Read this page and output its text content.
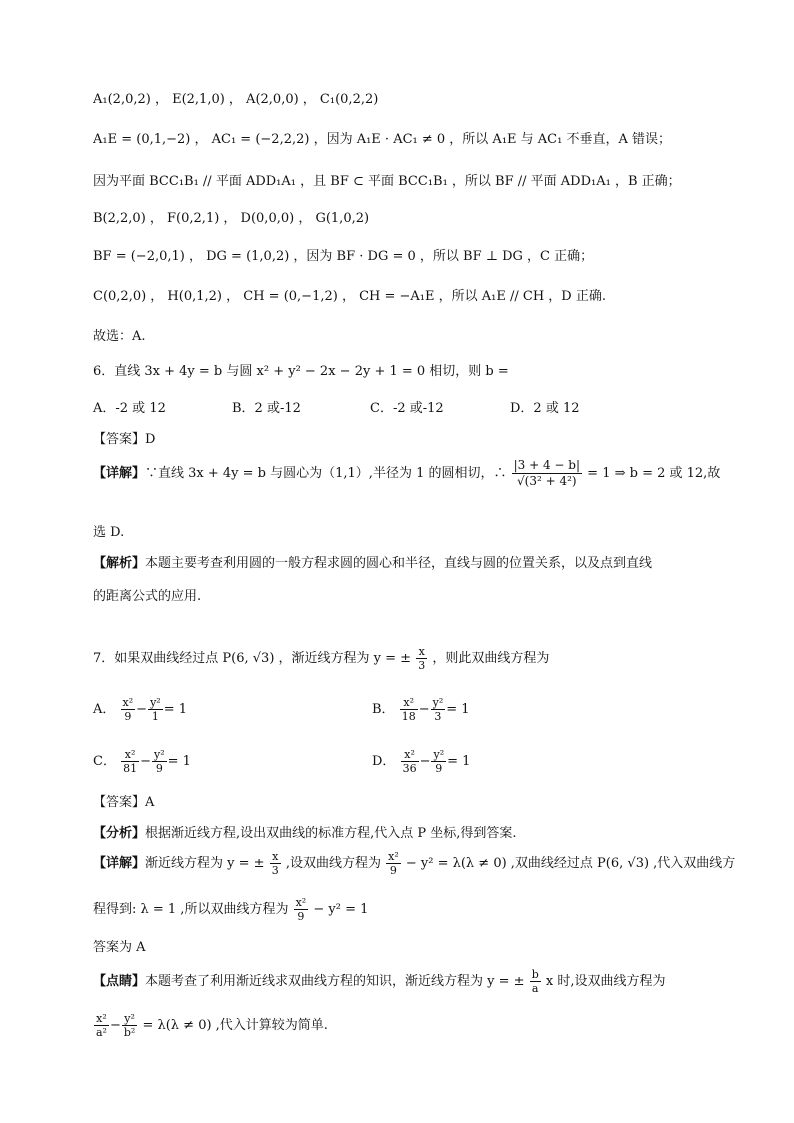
A₁(2,0,2) ， E(2,1,0) ， A(2,0,0) ， C₁(0,2,2)
A₁E = (0,1,−2) ， AC₁ = (−2,2,2) ，因为 A₁E · AC₁ ≠ 0 ，所以 A₁E 与 AC₁ 不垂直，A 错误；
因为平面 BCC₁B₁ // 平面 ADD₁A₁ ，且 BF ⊂ 平面 BCC₁B₁ ，所以 BF // 平面 ADD₁A₁ ，B 正确；
B(2,2,0) ， F(0,2,1) ， D(0,0,0) ， G(1,0,2)
BF = (−2,0,1) ， DG = (1,0,2) ，因为 BF · DG = 0 ，所以 BF ⊥ DG ，C 正确；
C(0,2,0) ， H(0,1,2) ， CH = (0,−1,2) ， CH = −A₁E ，所以 A₁E // CH ，D 正确.
故选：A.
6．直线 3x + 4y = b 与圆 x² + y² − 2x − 2y + 1 = 0 相切，则 b =
A．-2 或 12	B．2 或-12	C．-2 或-12	D．2 或 12
【答案】D
【详解】∵直线 3x + 4y = b 与圆心为（1,1）,半径为 1 的圆相切，∴ $\frac{|3 + 4 - b|}{\text{√(3² + 4²)}} = 1$ ⇒ b = 2 或 12,故
选 D.
【解析】本题主要考查利用圆的一般方程求圆的圆心和半径，直线与圆的位置关系，以及点到直线
的距离公式的应用.
7．如果双曲线经过点 P(6, √3) ，渐近线方程为 y = ± $\frac{x}{3}$ ，则此双曲线方程为
A． $\frac{\text{x²}}{9} - \frac{\text{y²}}{1} = 1$	B． $\frac{\text{x²}}{18} - \frac{\text{y²}}{3} = 1$
C． $\frac{\text{x²}}{81} - \frac{\text{y²}}{9} = 1$	D． $\frac{\text{x²}}{36} - \frac{\text{y²}}{9} = 1$
【答案】A
【分析】根据渐近线方程,设出双曲线的标准方程,代入点 P 坐标,得到答案.
【详解】渐近线方程为 y = ± $\frac{x}{3}$ ,设双曲线方程为 $\frac{\text{x²}}{9} - y^2 = \lambda(\lambda \ne 0)$ ,双曲线经过点 P(6, √3) ,代入双曲线方
程得到: λ = 1 ,所以双曲线方程为 $\frac{\text{x²}}{9} - y^2 = 1$
答案为 A
【点睛】本题考查了利用渐近线求双曲线方程的知识，渐近线方程为 y = ± $\frac{b}{a}$ x 时,设双曲线方程为
$\frac{\text{x²}}{\text{a²}} - \frac{\text{y²}}{\text{b²}} = \lambda(\lambda \ne 0)$ ,代入计算较为简单.
